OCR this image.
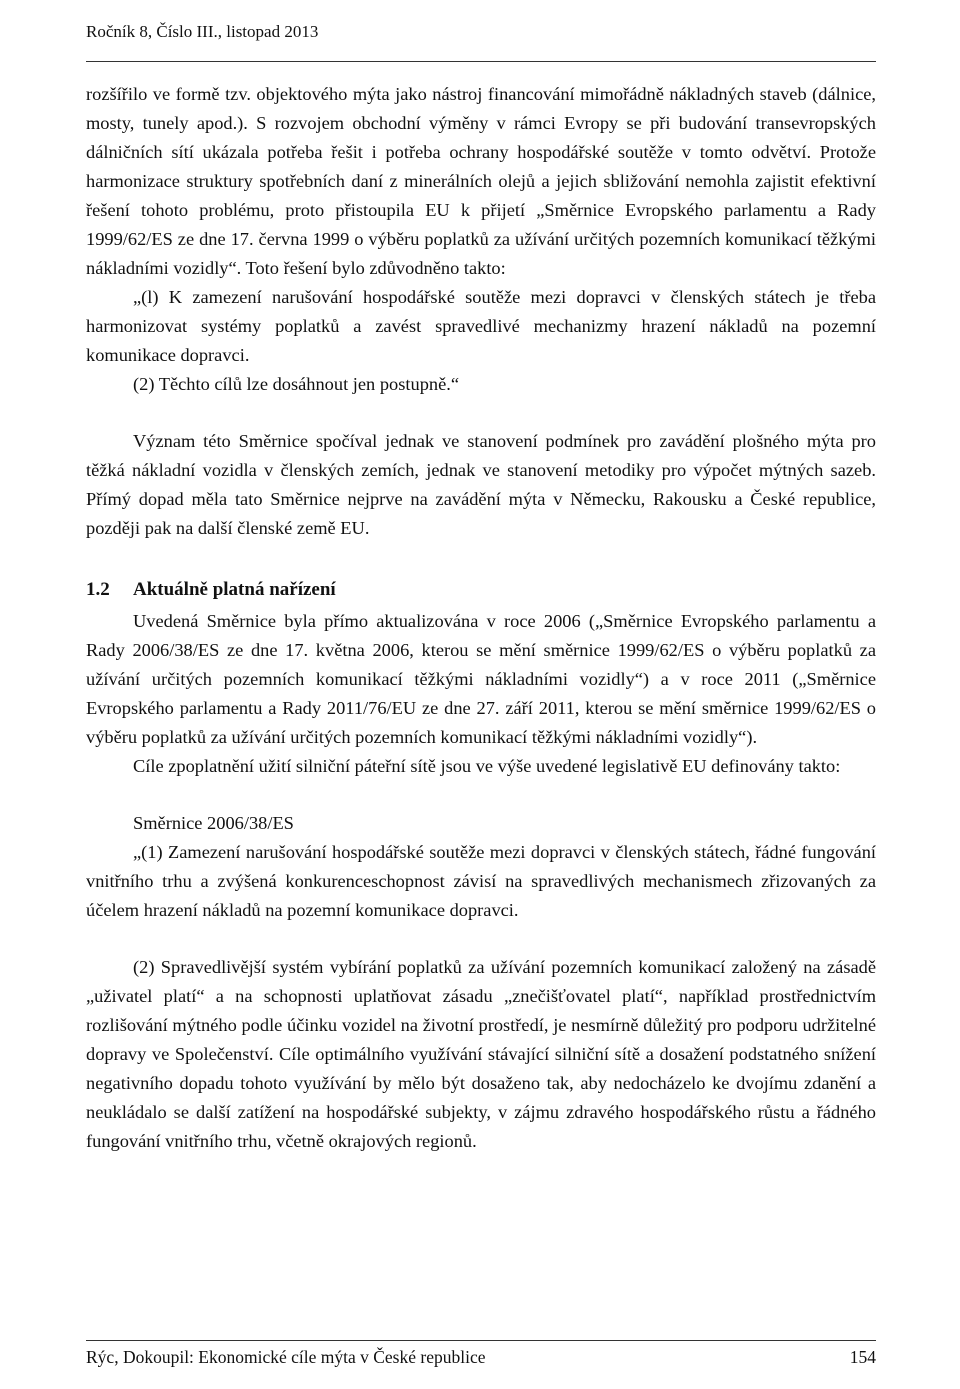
Ročník 8, Číslo III., listopad 2013

rozšířilo ve formě tzv. objektového mýta jako nástroj financování mimořádně nákladných staveb (dálnice, mosty, tunely apod.). S rozvojem obchodní výměny v rámci Evropy se při budování transevropských dálničních sítí ukázala potřeba řešit i potřeba ochrany hospodářské soutěže v tomto odvětví. Protože harmonizace struktury spotřebních daní z minerálních olejů a jejich sbližování nemohla zajistit efektivní řešení tohoto problému, proto přistoupila EU k přijetí „Směrnice Evropského parlamentu a Rady 1999/62/ES ze dne 17. června 1999 o výběru poplatků za užívání určitých pozemních komunikací těžkými nákladními vozidly“. Toto řešení bylo zdůvodněno takto:

„(l) K zamezení narušování hospodářské soutěže mezi dopravci v členských státech je třeba harmonizovat systémy poplatků a zavést spravedlivé mechanizmy hrazení nákladů na pozemní komunikace dopravci.

(2) Těchto cílů lze dosáhnout jen postupně.“

Význam této Směrnice spočíval jednak ve stanovení podmínek pro zavádění plošného mýta pro těžká nákladní vozidla v členských zemích, jednak ve stanovení metodiky pro výpočet mýtných sazeb. Přímý dopad měla tato Směrnice nejprve na zavádění mýta v Německu, Rakousku a České republice, později pak na další členské země EU.

1.2 Aktuálně platná nařízení

Uvedená Směrnice byla přímo aktualizována v roce 2006 („Směrnice Evropského parlamentu a Rady 2006/38/ES ze dne 17. května 2006, kterou se mění směrnice 1999/62/ES o výběru poplatků za užívání určitých pozemních komunikací těžkými nákladními vozidly“) a v roce 2011 („Směrnice Evropského parlamentu a Rady 2011/76/EU ze dne 27. září 2011, kterou se mění směrnice 1999/62/ES o výběru poplatků za užívání určitých pozemních komunikací těžkými nákladními vozidly“).

Cíle zpoplatnění užití silniční páteřní sítě jsou ve výše uvedené legislativě EU definovány takto:

Směrnice 2006/38/ES

„(1) Zamezení narušování hospodářské soutěže mezi dopravci v členských státech, řádné fungování vnitřního trhu a zvýšená konkurenceschopnost závisí na spravedlivých mechanismech zřizovaných za účelem hrazení nákladů na pozemní komunikace dopravci.

(2) Spravedlivější systém vybírání poplatků za užívání pozemních komunikací založený na zásadě „uživatel platí“ a na schopnosti uplatňovat zásadu „znečišťovatel platí“, například prostřednictvím rozlišování mýtného podle účinku vozidel na životní prostředí, je nesmírně důležitý pro podporu udržitelné dopravy ve Společenství. Cíle optimálního využívání stávající silniční sítě a dosažení podstatného snížení negativního dopadu tohoto využívání by mělo být dosaženo tak, aby nedocházelo ke dvojímu zdanění a neukládalo se další zatížení na hospodářské subjekty, v zájmu zdravého hospodářského růstu a řádného fungování vnitřního trhu, včetně okrajových regionů.

Rýc, Dokoupil: Ekonomické cíle mýta v České republice	154
